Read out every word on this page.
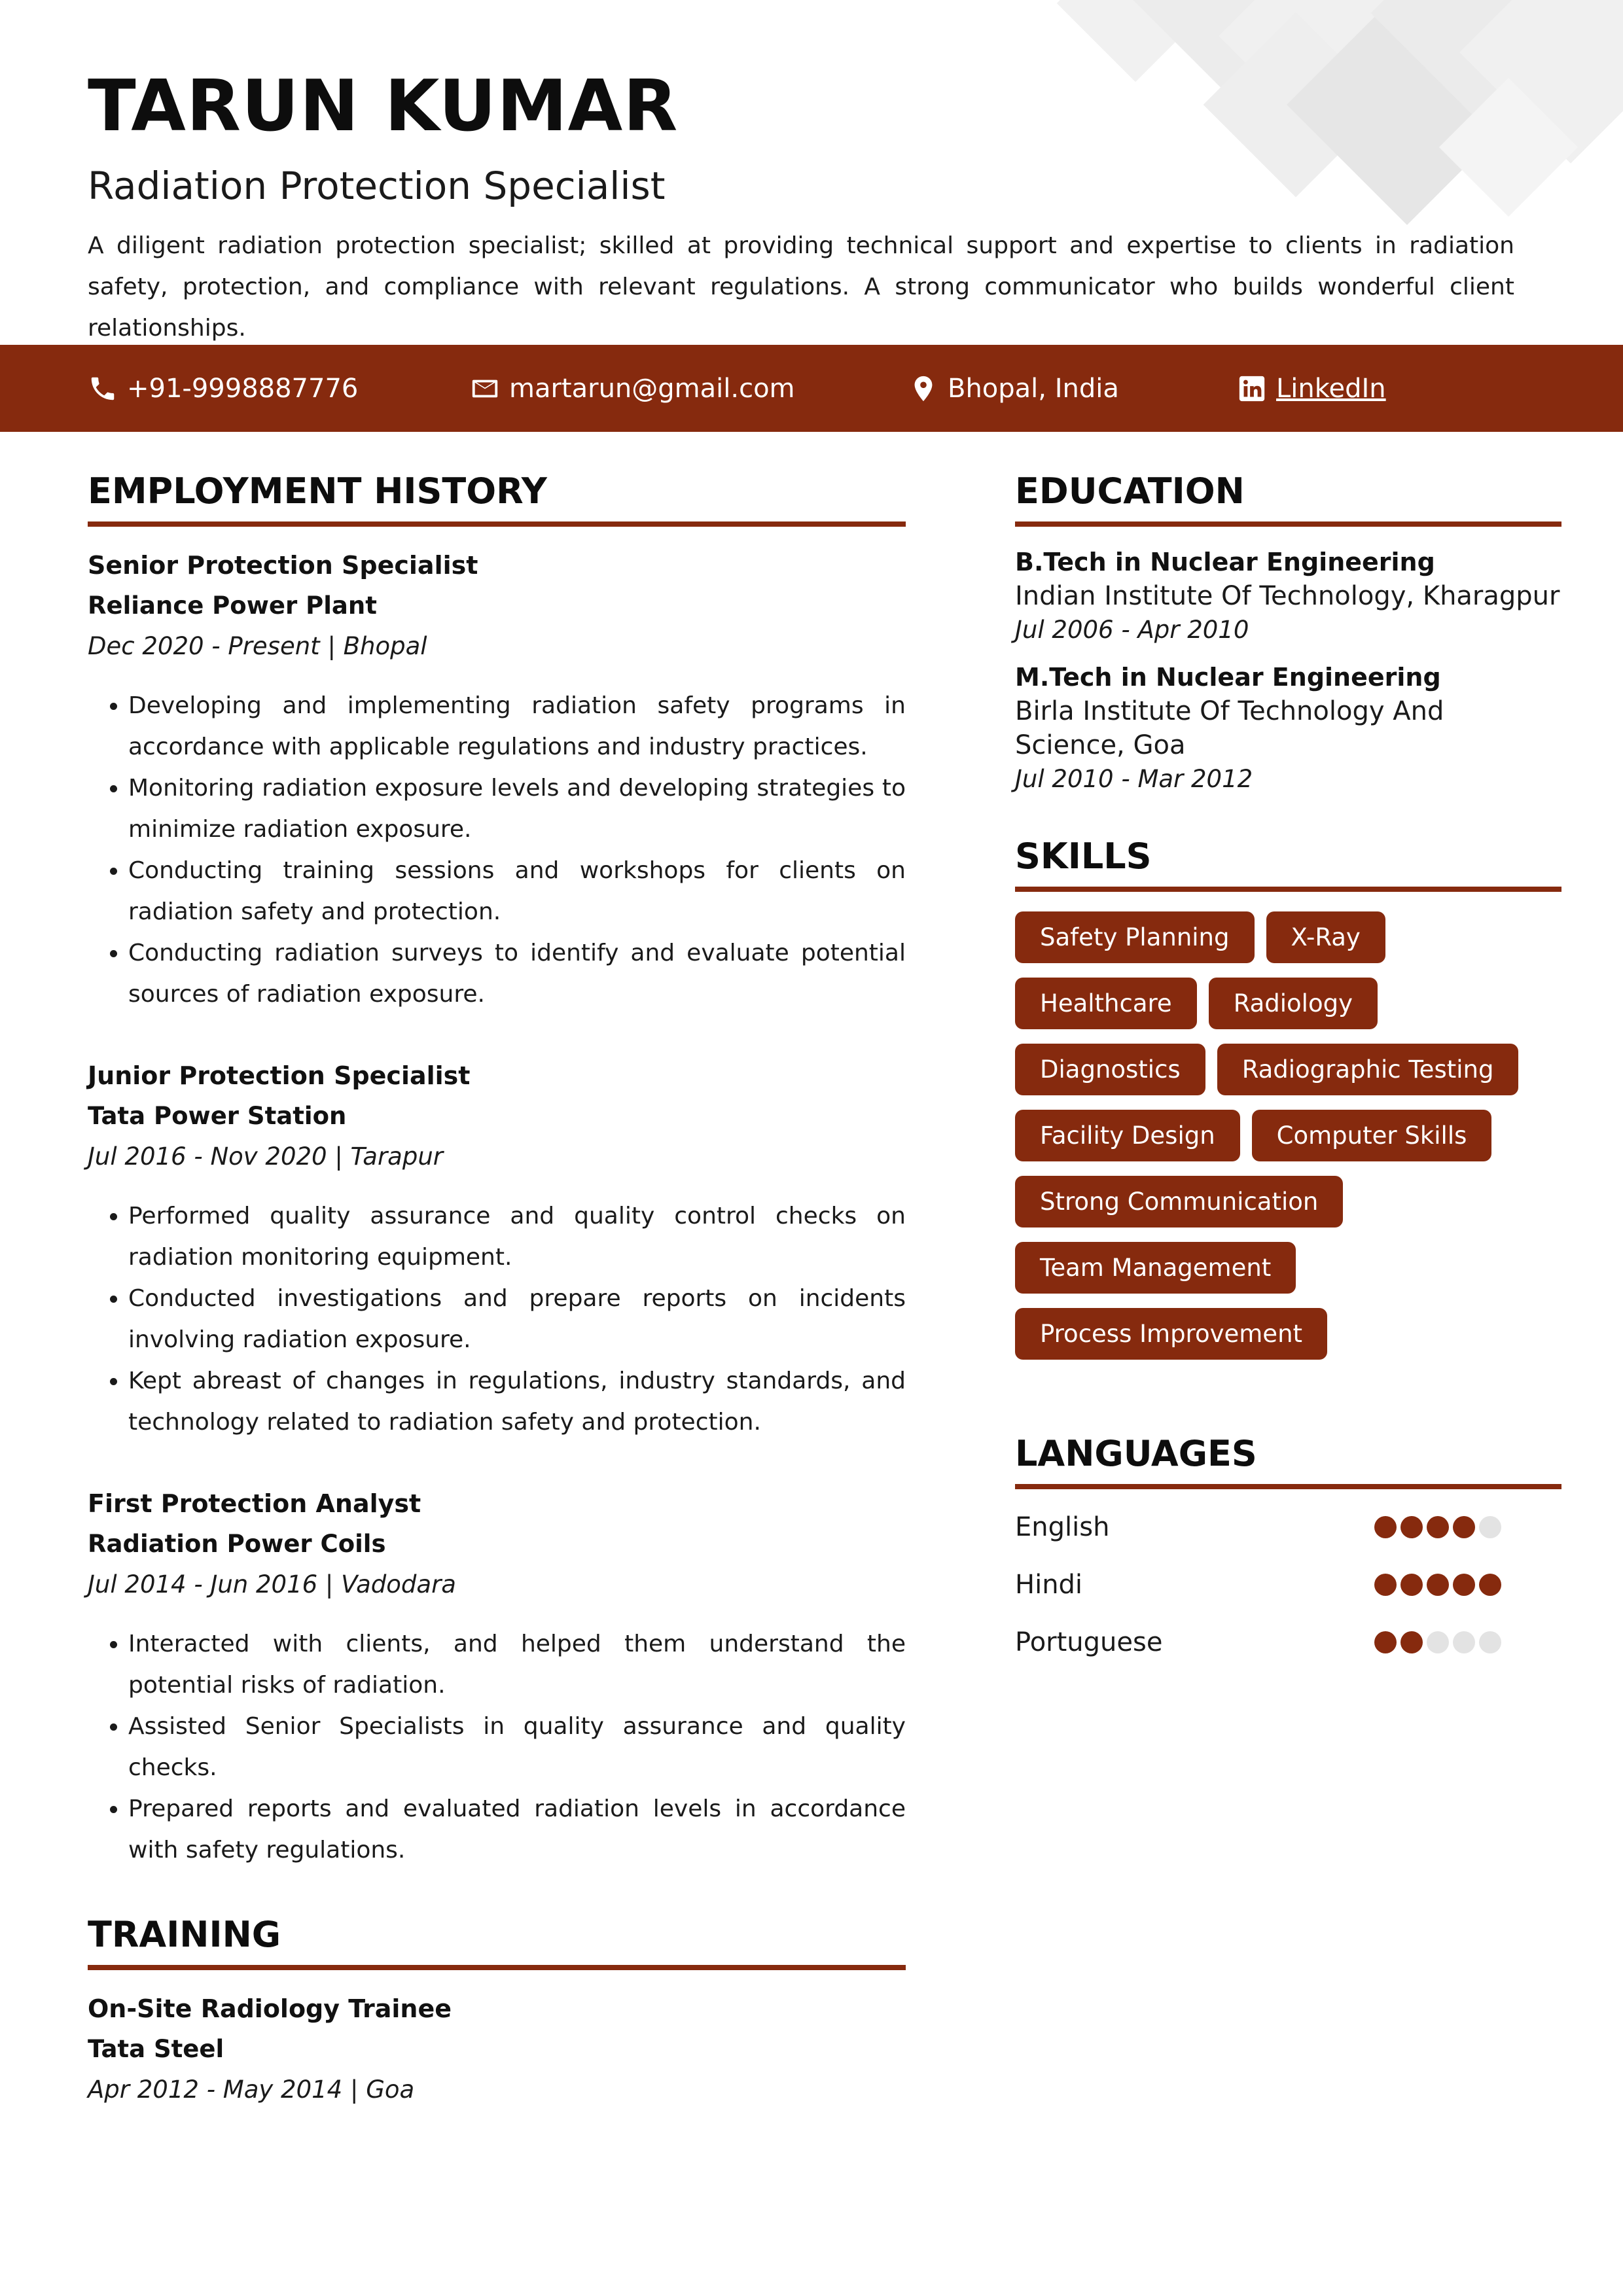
TARUN KUMAR
Radiation Protection Specialist
A diligent radiation protection specialist; skilled at providing technical support and expertise to clients in radiation safety, protection, and compliance with relevant regulations. A strong communicator who builds wonderful client relationships.
+91-9998887776	martarun@gmail.com	Bhopal, India	LinkedIn
EMPLOYMENT HISTORY
Senior Protection Specialist
Reliance Power Plant
Dec 2020 - Present | Bhopal
• Developing and implementing radiation safety programs in accordance with applicable regulations and industry practices.
• Monitoring radiation exposure levels and developing strategies to minimize radiation exposure.
• Conducting training sessions and workshops for clients on radiation safety and protection.
• Conducting radiation surveys to identify and evaluate potential sources of radiation exposure.
Junior Protection Specialist
Tata Power Station
Jul 2016 - Nov 2020 | Tarapur
• Performed quality assurance and quality control checks on radiation monitoring equipment.
• Conducted investigations and prepare reports on incidents involving radiation exposure.
• Kept abreast of changes in regulations, industry standards, and technology related to radiation safety and protection.
First Protection Analyst
Radiation Power Coils
Jul 2014 - Jun 2016 | Vadodara
• Interacted with clients, and helped them understand the potential risks of radiation.
• Assisted Senior Specialists in quality assurance and quality checks.
• Prepared reports and evaluated radiation levels in accordance with safety regulations.
TRAINING
On-Site Radiology Trainee
Tata Steel
Apr 2012 - May 2014 | Goa
EDUCATION
B.Tech in Nuclear Engineering
Indian Institute Of Technology, Kharagpur
Jul 2006 - Apr 2010
M.Tech in Nuclear Engineering
Birla Institute Of Technology And Science, Goa
Jul 2010 - Mar 2012
SKILLS
Safety Planning	X-Ray
Healthcare	Radiology
Diagnostics	Radiographic Testing
Facility Design	Computer Skills
Strong Communication
Team Management
Process Improvement
LANGUAGES
English
Hindi
Portuguese
